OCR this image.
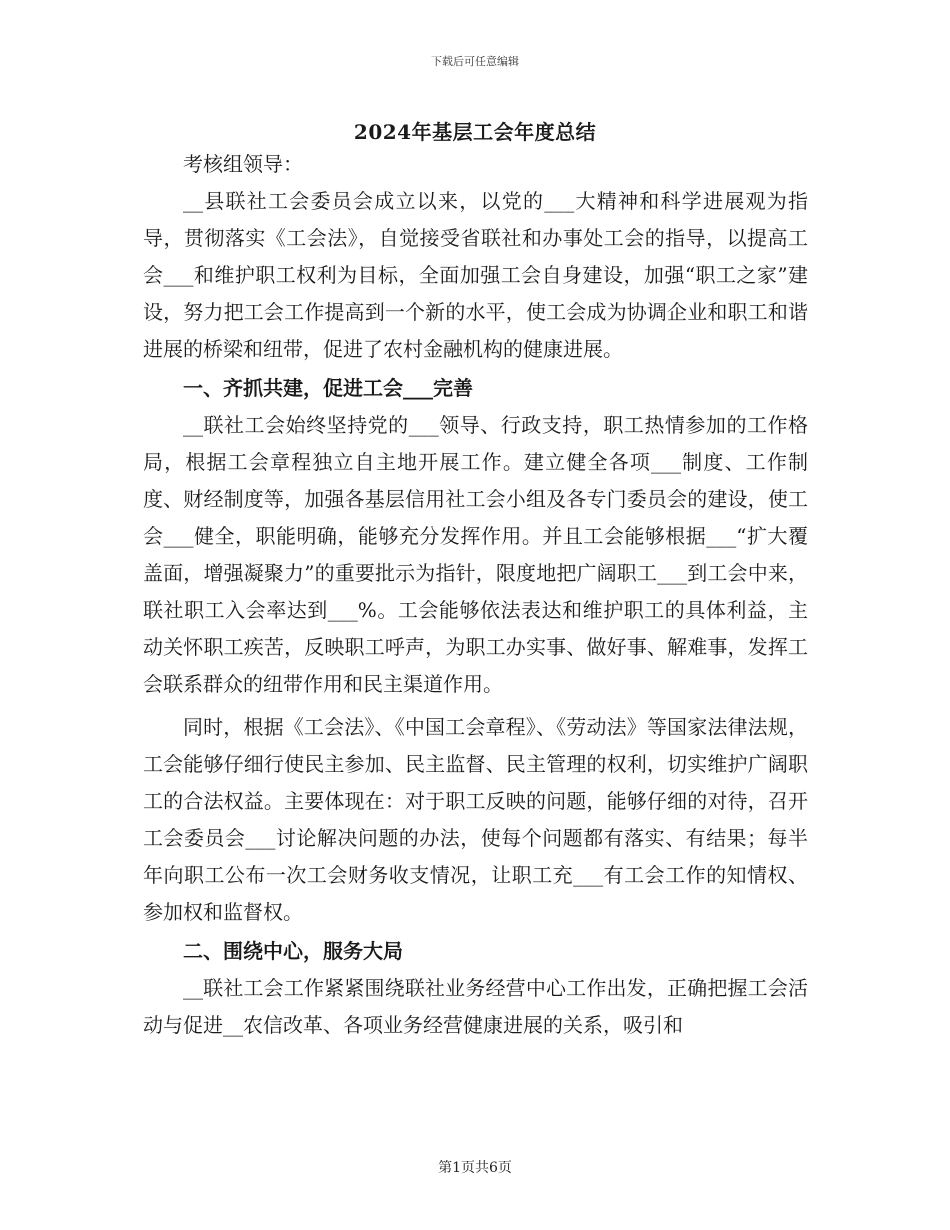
下载后可任意编辑
2024年基层工会年度总结

考核组领导：

__县联社工会委员会成立以来，以党的___大精神和科学进展观为指导，贯彻落实《工会法》，自觉接受省联社和办事处工会的指导，以提高工会___和维护职工权利为目标，全面加强工会自身建设，加强“职工之家”建设，努力把工会工作提高到一个新的水平，使工会成为协调企业和职工和谐进展的桥梁和纽带，促进了农村金融机构的健康进展。

一、齐抓共建，促进工会___完善

__联社工会始终坚持党的___领导、行政支持，职工热情参加的工作格局，根据工会章程独立自主地开展工作。建立健全各项___制度、工作制度、财经制度等，加强各基层信用社工会小组及各专门委员会的建设，使工会___健全，职能明确，能够充分发挥作用。并且工会能够根据___“扩大覆盖面，增强凝聚力”的重要批示为指针，限度地把广阔职工___到工会中来，联社职工入会率达到___%。工会能够依法表达和维护职工的具体利益，主动关怀职工疾苦，反映职工呼声，为职工办实事、做好事、解难事，发挥工会联系群众的纽带作用和民主渠道作用。

同时，根据《工会法》、《中国工会章程》、《劳动法》等国家法律法规，工会能够仔细行使民主参加、民主监督、民主管理的权利，切实维护广阔职工的合法权益。主要体现在：对于职工反映的问题，能够仔细的对待，召开工会委员会___讨论解决问题的办法，使每个问题都有落实、有结果；每半年向职工公布一次工会财务收支情况，让职工充___有工会工作的知情权、参加权和监督权。

二、围绕中心，服务大局

__联社工会工作紧紧围绕联社业务经营中心工作出发，正确把握工会活动与促进__农信改革、各项业务经营健康进展的关系，吸引和

第1页共6页
